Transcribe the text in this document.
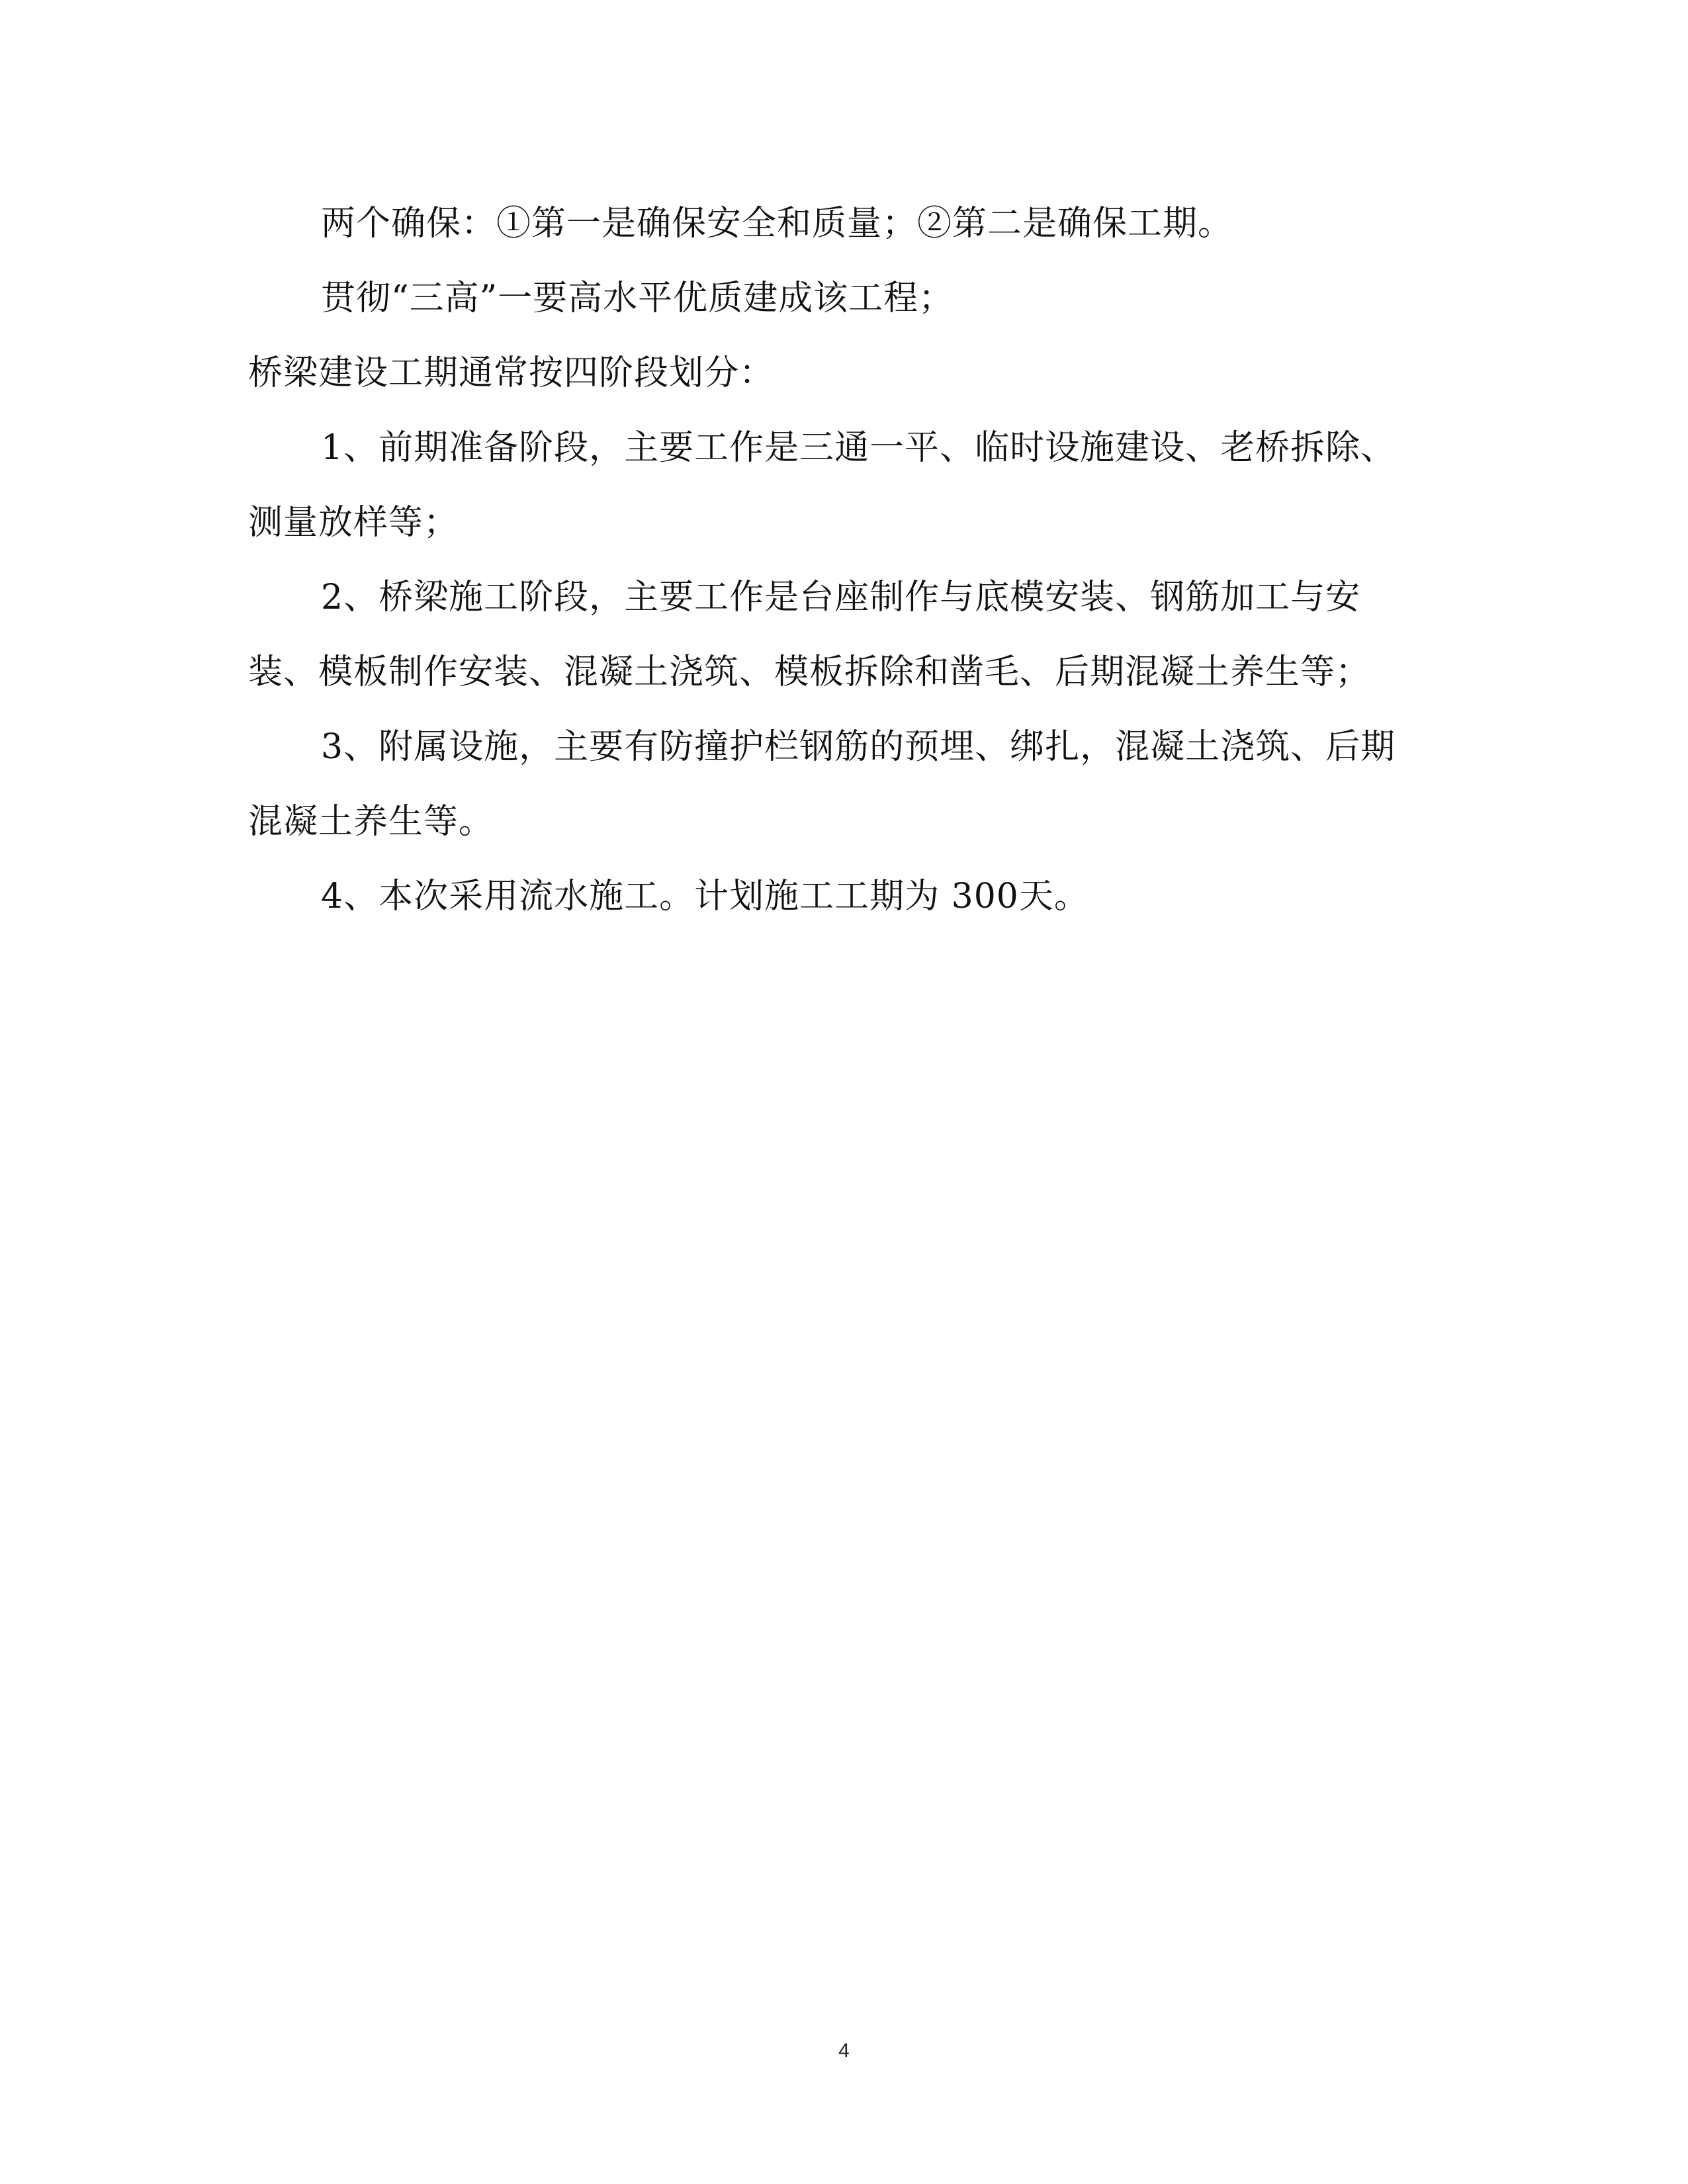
两个确保：①第一是确保安全和质量；②第二是确保工期。

贯彻“三高”一要高水平优质建成该工程；

桥梁建设工期通常按四阶段划分：

1、前期准备阶段，主要工作是三通一平、临时设施建设、老桥拆除、测量放样等；

2、桥梁施工阶段，主要工作是台座制作与底模安装、钢筋加工与安装、模板制作安装、混凝土浇筑、模板拆除和凿毛、后期混凝土养生等；

3、附属设施，主要有防撞护栏钢筋的预埋、绑扎，混凝土浇筑、后期混凝土养生等。

4、本次采用流水施工。计划施工工期为 300天。

4
